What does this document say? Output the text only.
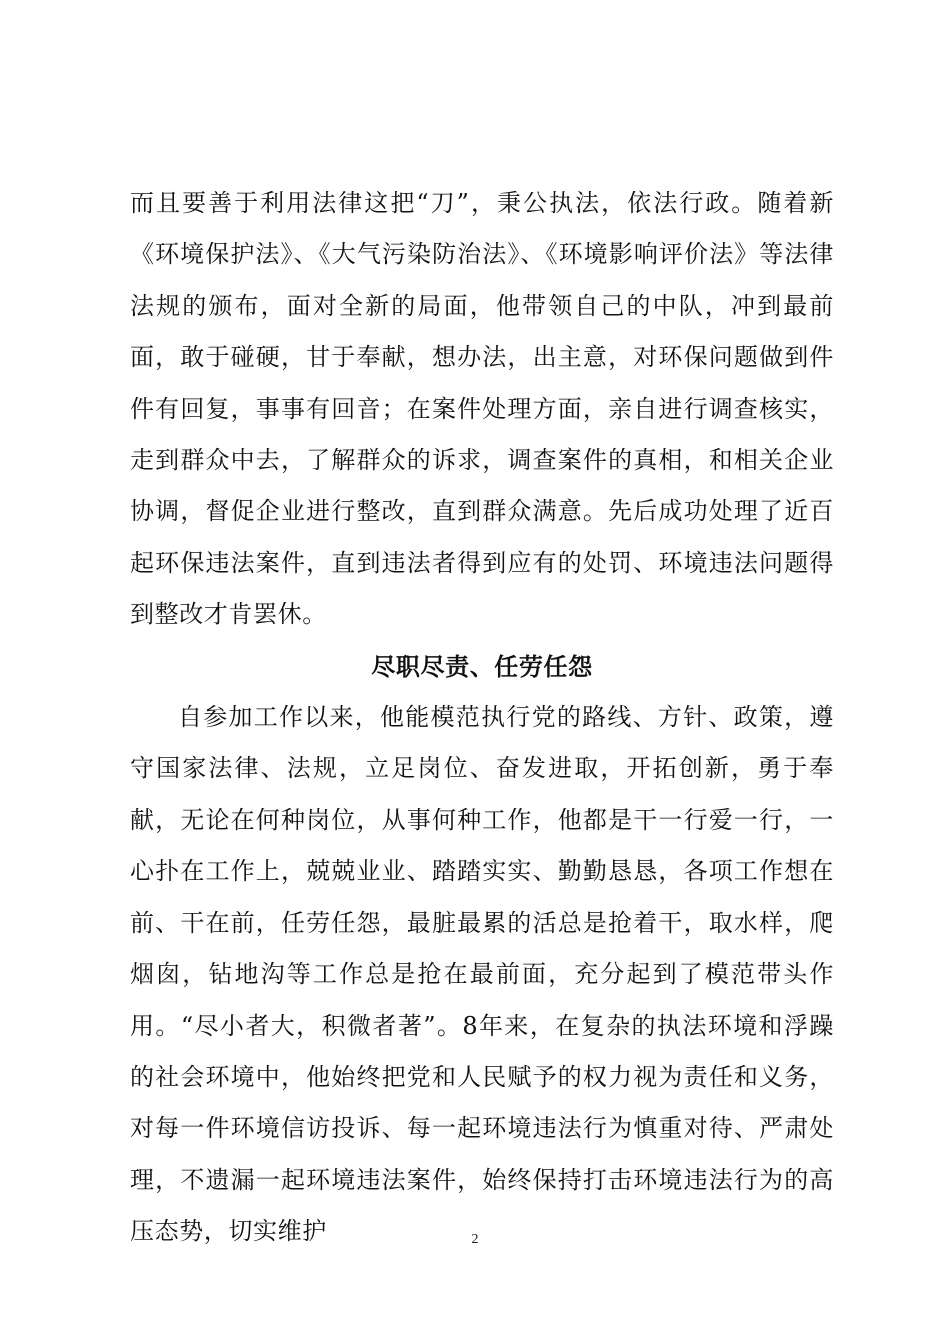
而且要善于利用法律这把“刀”，秉公执法，依法行政。随着新《环境保护法》、《大气污染防治法》、《环境影响评价法》等法律法规的颁布，面对全新的局面，他带领自己的中队，冲到最前面，敢于碰硬，甘于奉献，想办法，出主意，对环保问题做到件件有回复，事事有回音；在案件处理方面，亲自进行调查核实，走到群众中去，了解群众的诉求，调查案件的真相，和相关企业协调，督促企业进行整改，直到群众满意。先后成功处理了近百起环保违法案件，直到违法者得到应有的处罚、环境违法问题得到整改才肯罢休。

尽职尽责、任劳任怨

自参加工作以来，他能模范执行党的路线、方针、政策，遵守国家法律、法规，立足岗位、奋发进取，开拓创新，勇于奉献，无论在何种岗位，从事何种工作，他都是干一行爱一行，一心扑在工作上，兢兢业业、踏踏实实、勤勤恳恳，各项工作想在前、干在前，任劳任怨，最脏最累的活总是抢着干，取水样，爬烟囱，钻地沟等工作总是抢在最前面，充分起到了模范带头作用。“尽小者大，积微者著”。8年来，在复杂的执法环境和浮躁的社会环境中，他始终把党和人民赋予的权力视为责任和义务，对每一件环境信访投诉、每一起环境违法行为慎重对待、严肃处理，不遗漏一起环境违法案件，始终保持打击环境违法行为的高压态势，切实维护	2
